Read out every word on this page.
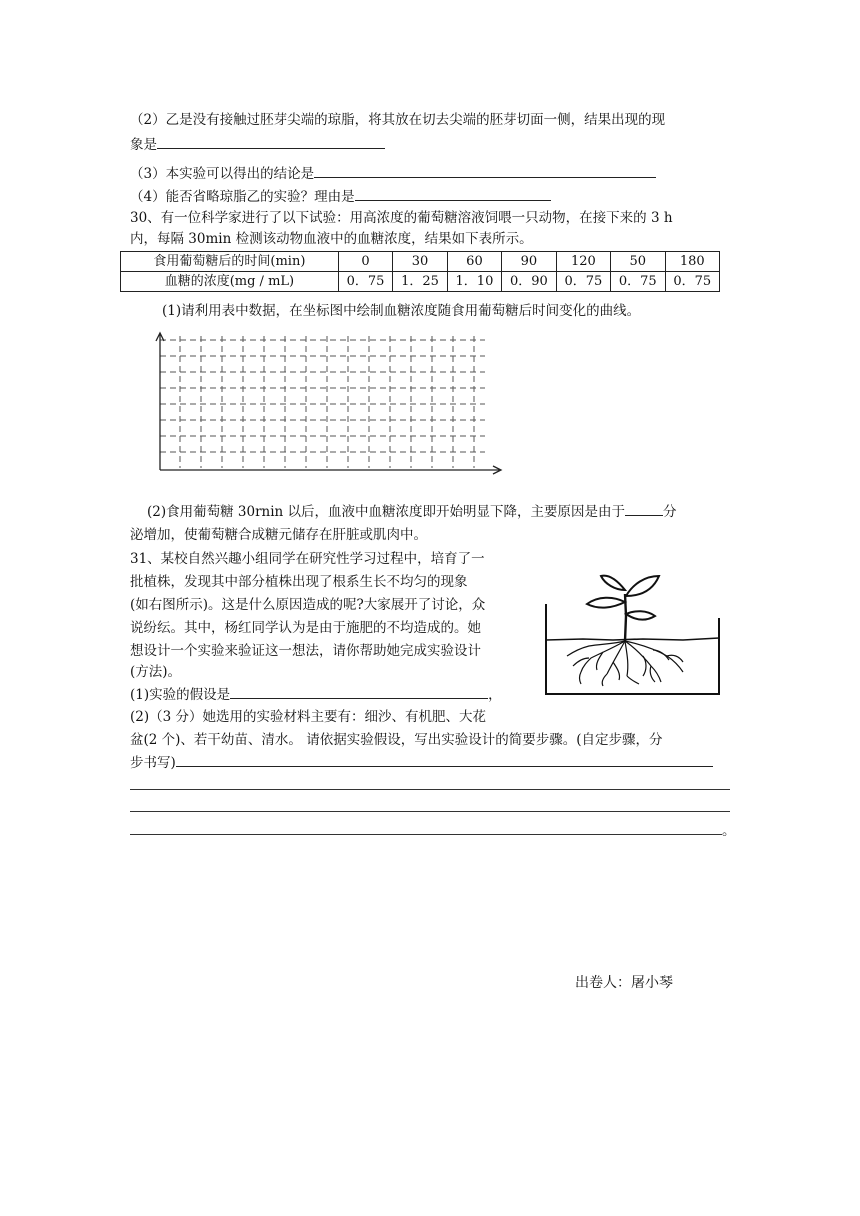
（2）乙是没有接触过胚芽尖端的琼脂，将其放在切去尖端的胚芽切面一侧，结果出现的现
象是
（3）本实验可以得出的结论是
（4）能否省略琼脂乙的实验？理由是
30、有一位科学家进行了以下试验：用高浓度的葡萄糖溶液饲喂一只动物，在接下来的 3 h
内，每隔 30min 检测该动物血液中的血糖浓度，结果如下表所示。
食用葡萄糖后的时间(min)	0	30	60	90	120	50	180
血糖的浓度(mg / mL)	0．75	1．25	1．10	0．90	0．75	0．75	0．75
(1)请利用表中数据，在坐标图中绘制血糖浓度随食用葡萄糖后时间变化的曲线。
(2)食用葡萄糖 30rnin 以后，血液中血糖浓度即开始明显下降，主要原因是由于	分
泌增加，使葡萄糖合成糖元储存在肝脏或肌肉中。
31、某校自然兴趣小组同学在研究性学习过程中，培育了一
批植株，发现其中部分植株出现了根系生长不均匀的现象
(如右图所示)。这是什么原因造成的呢?大家展开了讨论，众
说纷纭。其中，杨红同学认为是由于施肥的不均造成的。她
想设计一个实验来验证这一想法，请你帮助她完成实验设计
(方法)。
(1)实验的假设是	，
(2)（3 分）她选用的实验材料主要有：细沙、有机肥、大花
盆(2 个)、若干幼苗、清水。 请依据实验假设，写出实验设计的简要步骤。(自定步骤，分
步书写)
。
出卷人：屠小琴
